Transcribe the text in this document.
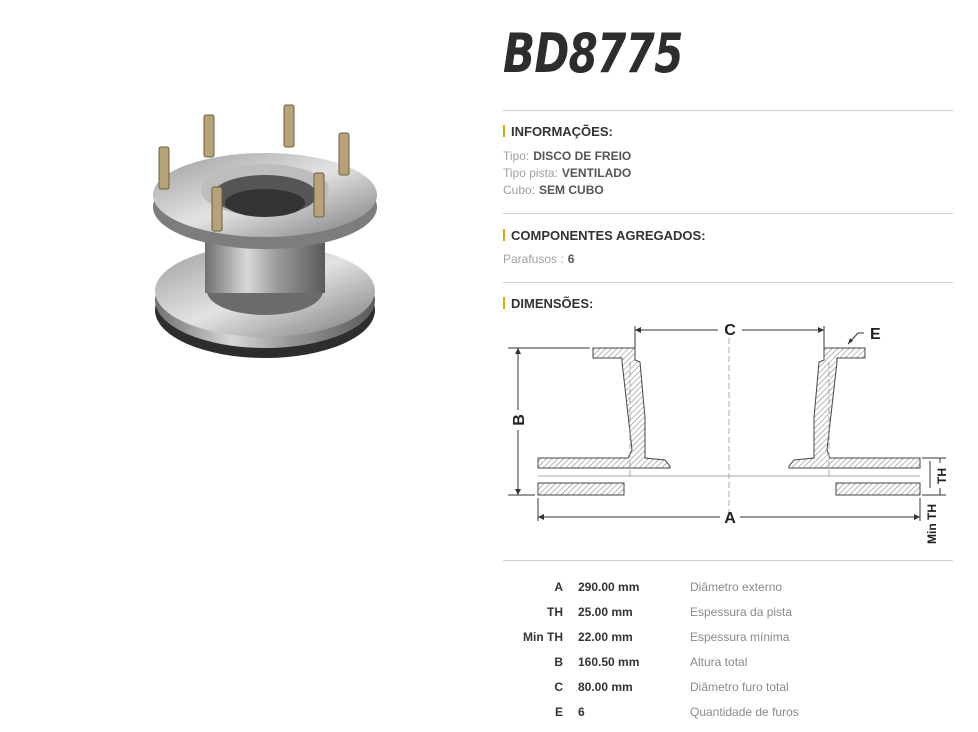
BD8775
INFORMAÇÕES:
Tipo: DISCO DE FREIO
Tipo pista: VENTILADO
Cubo: SEM CUBO
COMPONENTES AGREGADOS:
Parafusos : 6
DIMENSÕES:
C	E
A
B
TH
Min TH
A 290.00 mm	Diâmetro externo
TH 25.00 mm	Espessura da pista
Min TH 22.00 mm	Espessura mínima
B 160.50 mm	Altura total
C 80.00 mm	Diâmetro furo total
E 6	Quantidade de furos
